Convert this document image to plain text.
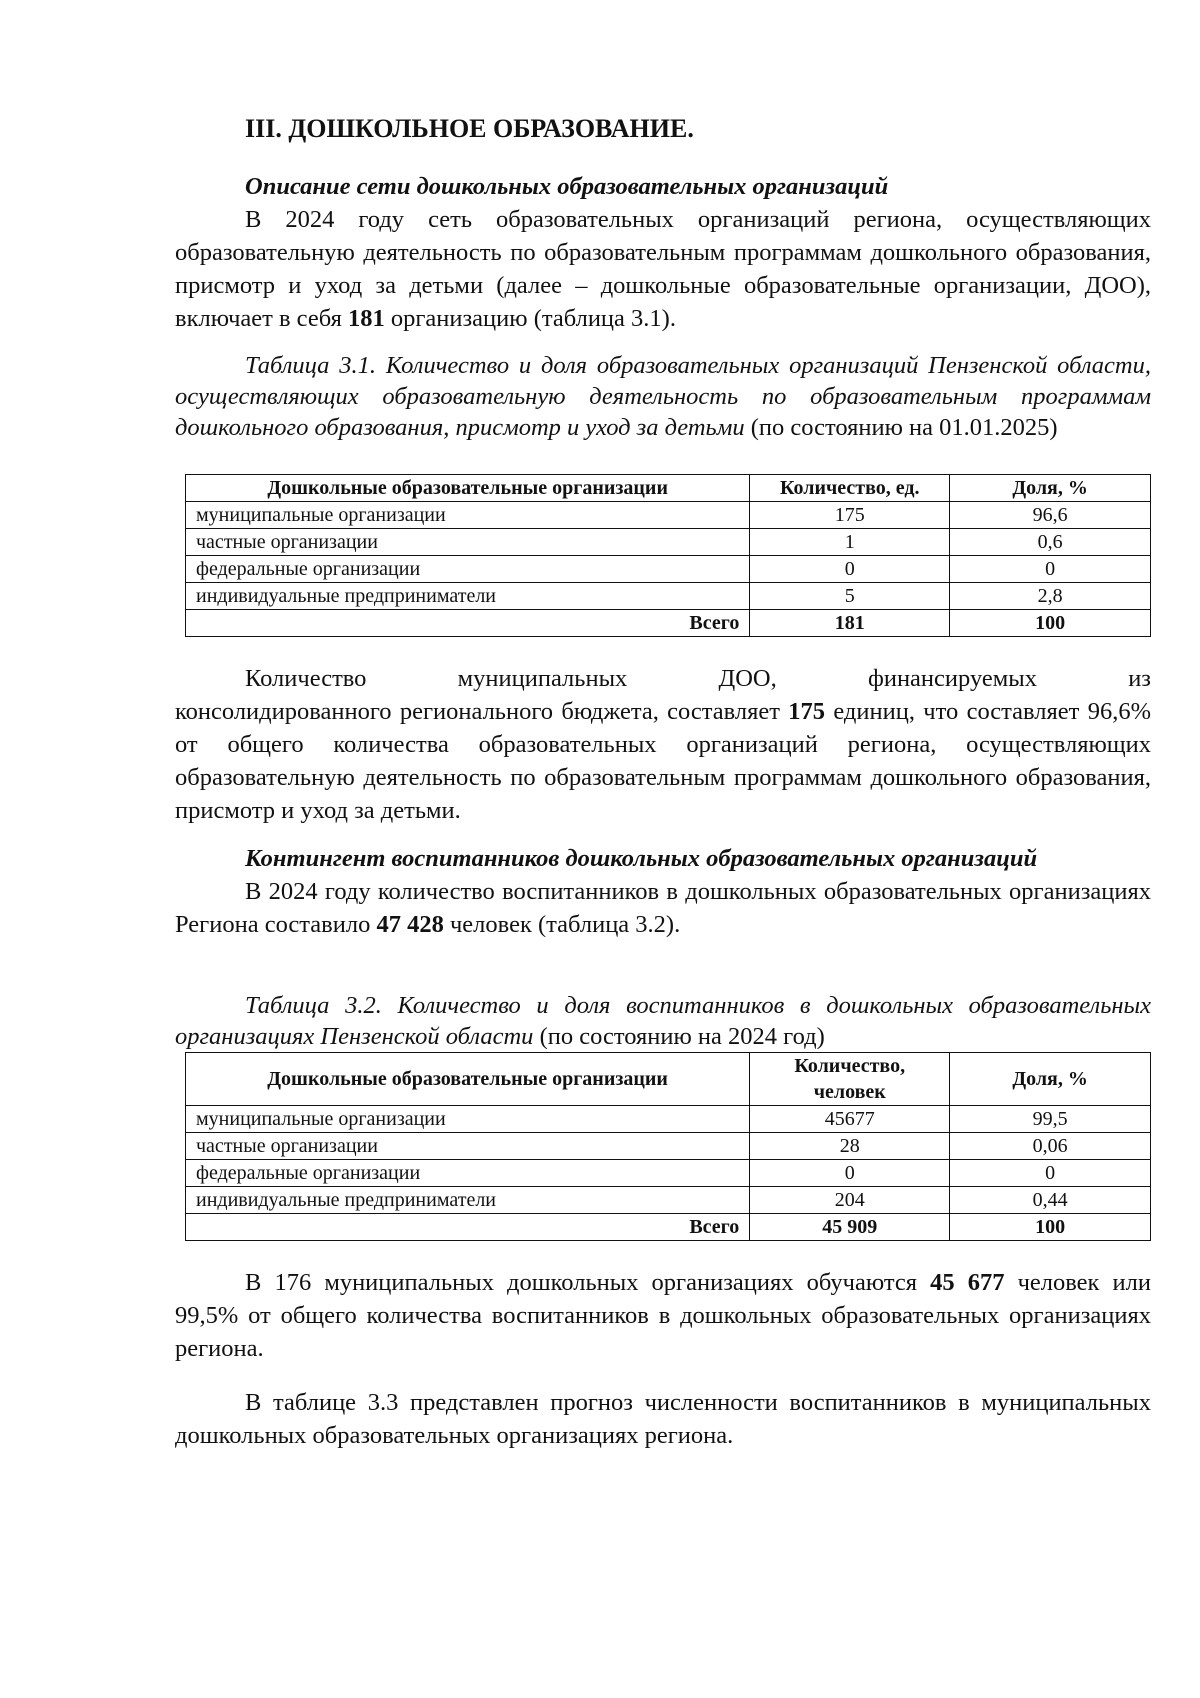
III. ДОШКОЛЬНОЕ ОБРАЗОВАНИЕ.

Описание сети дошкольных образовательных организаций

В 2024 году сеть образовательных организаций региона, осуществляющих образовательную деятельность по образовательным программам дошкольного образования, присмотр и уход за детьми (далее – дошкольные образовательные организации, ДОО), включает в себя 181 организацию (таблица 3.1).

Таблица 3.1. Количество и доля образовательных организаций Пензенской области, осуществляющих образовательную деятельность по образовательным программам дошкольного образования, присмотр и уход за детьми (по состоянию на 01.01.2025)

Дошкольные образовательные организации	Количество, ед.	Доля, %
муниципальные организации	175	96,6
частные организации	1	0,6
федеральные организации	0	0
индивидуальные предприниматели	5	2,8
Всего	181	100
Количество	муниципальных	ДОО,	финансируемых	из

консолидированного регионального бюджета, составляет 175 единиц, что составляет 96,6% от общего количества образовательных организаций региона, осуществляющих образовательную деятельность по образовательным программам дошкольного образования, присмотр и уход за детьми.

Контингент воспитанников дошкольных образовательных организаций

В 2024 году количество воспитанников в дошкольных образовательных организациях Региона составило 47 428 человек (таблица 3.2).

Таблица 3.2. Количество и доля воспитанников в дошкольных образовательных организациях Пензенской области (по состоянию на 2024 год)

Дошкольные образовательные организации	Количество, человек	Доля, %
муниципальные организации	45677	99,5
частные организации	28	0,06
федеральные организации	0	0
индивидуальные предприниматели	204	0,44
Всего	45 909	100

В 176 муниципальных дошкольных организациях обучаются 45 677 человек или 99,5% от общего количества воспитанников в дошкольных образовательных организациях региона.

В таблице 3.3 представлен прогноз численности воспитанников в муниципальных дошкольных образовательных организациях региона.
